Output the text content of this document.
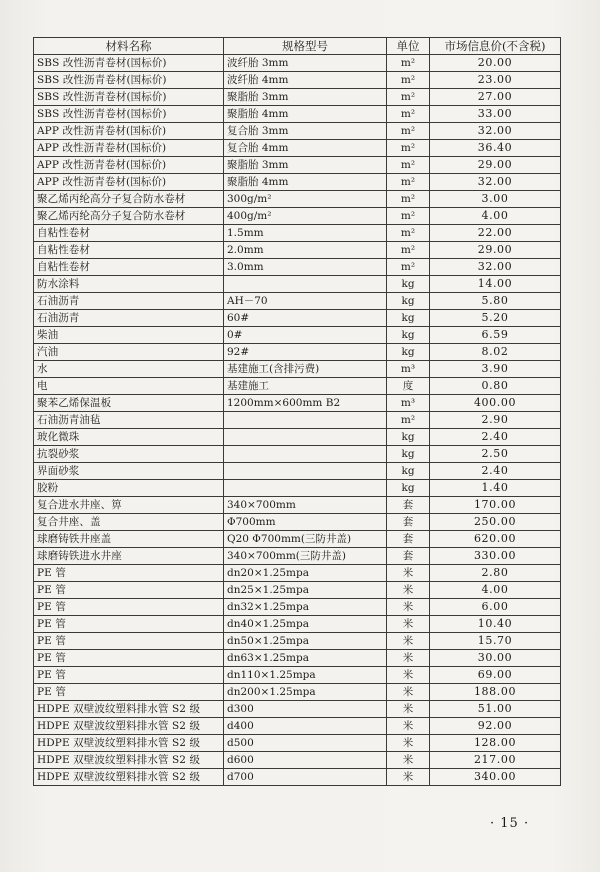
材料名称	规格型号	单位	市场信息价(不含税)
SBS 改性沥青卷材(国标价)	波纤胎 3mm	m²	20.00
SBS 改性沥青卷材(国标价)	波纤胎 4mm	m²	23.00
SBS 改性沥青卷材(国标价)	聚脂胎 3mm	m²	27.00
SBS 改性沥青卷材(国标价)	聚脂胎 4mm	m²	33.00
APP 改性沥青卷材(国标价)	复合胎 3mm	m²	32.00
APP 改性沥青卷材(国标价)	复合胎 4mm	m²	36.40
APP 改性沥青卷材(国标价)	聚脂胎 3mm	m²	29.00
APP 改性沥青卷材(国标价)	聚脂胎 4mm	m²	32.00
聚乙烯丙纶高分子复合防水卷材	300g/m²	m²	3.00
聚乙烯丙纶高分子复合防水卷材	400g/m²	m²	4.00
自粘性卷材	1.5mm	m²	22.00
自粘性卷材	2.0mm	m²	29.00
自粘性卷材	3.0mm	m²	32.00
防水涂料		kg	14.00
石油沥青	AH－70	kg	5.80
石油沥青	60#	kg	5.20
柴油	0#	kg	6.59
汽油	92#	kg	8.02
水	基建施工(含排污费)	m³	3.90
电	基建施工	度	0.80
聚苯乙烯保温板	1200mm×600mm B2	m³	400.00
石油沥青油毡		m²	2.90
玻化微珠		kg	2.40
抗裂砂浆		kg	2.50
界面砂浆		kg	2.40
胶粉		kg	1.40
复合进水井座、箅	340×700mm	套	170.00
复合井座、盖	Φ700mm	套	250.00
球磨铸铁井座盖	Q20 Φ700mm(三防井盖)	套	620.00
球磨铸铁进水井座	340×700mm(三防井盖)	套	330.00
PE 管	dn20×1.25mpa	米	2.80
PE 管	dn25×1.25mpa	米	4.00
PE 管	dn32×1.25mpa	米	6.00
PE 管	dn40×1.25mpa	米	10.40
PE 管	dn50×1.25mpa	米	15.70
PE 管	dn63×1.25mpa	米	30.00
PE 管	dn110×1.25mpa	米	69.00
PE 管	dn200×1.25mpa	米	188.00
HDPE 双壁波纹塑料排水管 S2 级	d300	米	51.00
HDPE 双壁波纹塑料排水管 S2 级	d400	米	92.00
HDPE 双壁波纹塑料排水管 S2 级	d500	米	128.00
HDPE 双壁波纹塑料排水管 S2 级	d600	米	217.00
HDPE 双壁波纹塑料排水管 S2 级	d700	米	340.00
· 15 ·
